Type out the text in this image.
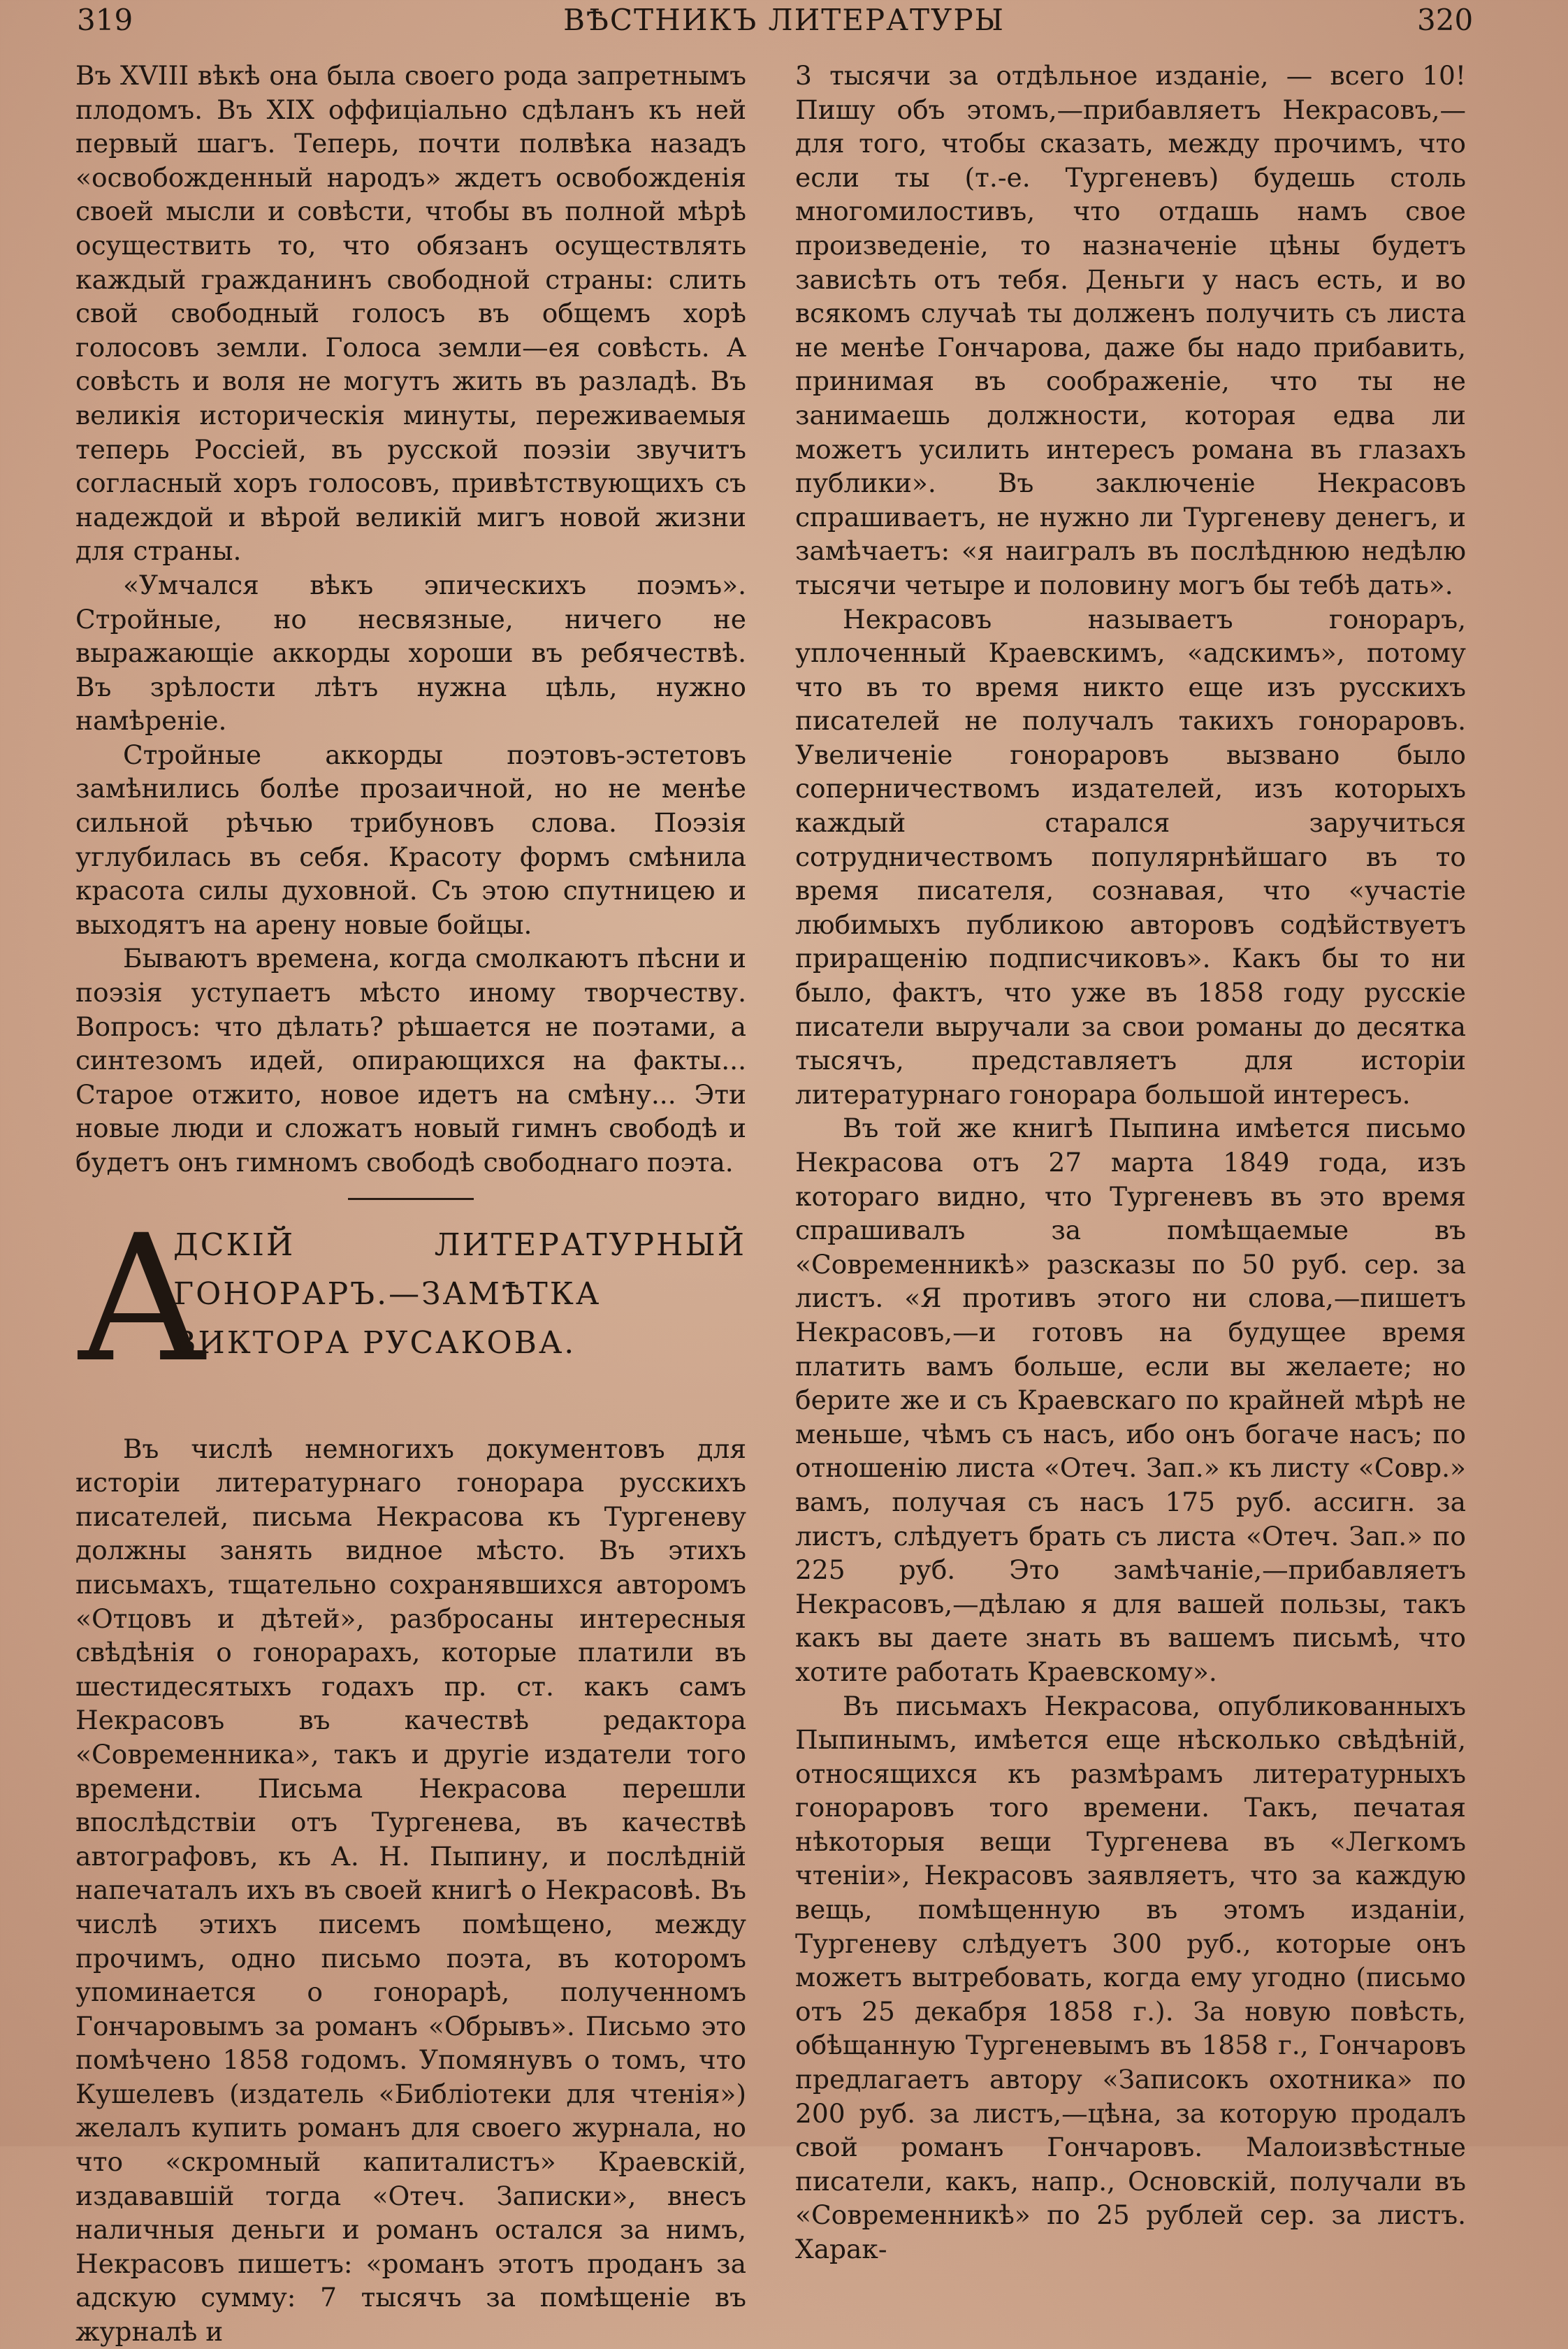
319	ВѢСТНИКЪ ЛИТЕРАТУРЫ	320

Въ XVIII вѣкѣ она была своего рода запретнымъ плодомъ. Въ XIX оффиціально сдѣланъ къ ней первый шагъ. Теперь, почти полвѣка назадъ «освобожденный народъ» ждетъ освобожденія своей мысли и совѣсти, чтобы въ полной мѣрѣ осуществить то, что обязанъ осуществлять каждый гражданинъ свободной страны: слить свой свободный голосъ въ общемъ хорѣ голосовъ земли. Голоса земли—ея совѣсть. А совѣсть и воля не могутъ жить въ разладѣ. Въ великія историческія минуты, переживаемыя теперь Россіей, въ русской поэзіи звучитъ согласный хоръ голосовъ, привѣтствующихъ съ надеждой и вѣрой великій мигъ новой жизни для страны.

«Умчался вѣкъ эпическихъ поэмъ». Стройные, но несвязные, ничего не выражающіе аккорды хороши въ ребячествѣ. Въ зрѣлости лѣтъ нужна цѣль, нужно намѣреніе.

Стройные аккорды поэтовъ-эстетовъ замѣнились болѣе прозаичной, но не менѣе сильной рѣчью трибуновъ слова. Поэзія углубилась въ себя. Красоту формъ смѣнила красота силы духовной. Съ этою спутницею и выходятъ на арену новые бойцы.

Бываютъ времена, когда смолкаютъ пѣсни и поэзія уступаетъ мѣсто иному творчеству. Вопросъ: что дѣлать? рѣшается не поэтами, а синтезомъ идей, опирающихся на факты... Старое отжито, новое идетъ на смѣну... Эти новые люди и сложатъ новый гимнъ свободѣ и будетъ онъ гимномъ свободѣ свободнаго поэта.

А
ДСКІЙ ЛИТЕРАТУРНЫЙ ГОНОРАРЪ.—ЗАМѢТКА ВИКТОРА РУСАКОВА.

Въ числѣ немногихъ документовъ для исторіи литературнаго гонорара русскихъ писателей, письма Некрасова къ Тургеневу должны занять видное мѣсто. Въ этихъ письмахъ, тщательно сохранявшихся авторомъ «Отцовъ и дѣтей», разбросаны интересныя свѣдѣнія о гонорарахъ, которые платили въ шестидесятыхъ годахъ пр. ст. какъ самъ Некрасовъ въ качествѣ редактора «Современника», такъ и другіе издатели того времени. Письма Некрасова перешли впослѣдствіи отъ Тургенева, въ качествѣ автографовъ, къ А. Н. Пыпину, и послѣдній напечаталъ ихъ въ своей книгѣ о Некрасовѣ. Въ числѣ этихъ писемъ помѣщено, между прочимъ, одно письмо поэта, въ которомъ упоминается о гонорарѣ, полученномъ Гончаровымъ за романъ «Обрывъ». Письмо это помѣчено 1858 годомъ. Упомянувъ о томъ, что Кушелевъ (издатель «Библіотеки для чтенія») желалъ купить романъ для своего журнала, но что «скромный капиталистъ» Краевскій, издававшій тогда «Отеч. Записки», внесъ наличныя деньги и романъ остался за нимъ, Некрасовъ пишетъ: «романъ этотъ проданъ за адскую сумму: 7 тысячъ за помѣщеніе въ журналѣ и

3 тысячи за отдѣльное изданіе, — всего 10! Пишу объ этомъ,—прибавляетъ Некрасовъ,—для того, чтобы сказать, между прочимъ, что если ты (т.-е. Тургеневъ) будешь столь многомилостивъ, что отдашь намъ свое произведеніе, то назначеніе цѣны будетъ зависѣть отъ тебя. Деньги у насъ есть, и во всякомъ случаѣ ты долженъ получить съ листа не менѣе Гончарова, даже бы надо прибавить, принимая въ соображеніе, что ты не занимаешь должности, которая едва ли можетъ усилить интересъ романа въ глазахъ публики». Въ заключеніе Некрасовъ спрашиваетъ, не нужно ли Тургеневу денегъ, и замѣчаетъ: «я наигралъ въ послѣднюю недѣлю тысячи четыре и половину могъ бы тебѣ дать».

Некрасовъ называетъ гонораръ, уплоченный Краевскимъ, «адскимъ», потому что въ то время никто еще изъ русскихъ писателей не получалъ такихъ гонораровъ. Увеличеніе гонораровъ вызвано было соперничествомъ издателей, изъ которыхъ каждый старался заручиться сотрудничествомъ популярнѣйшаго въ то время писателя, сознавая, что «участіе любимыхъ публикою авторовъ содѣйствуетъ приращенію подписчиковъ». Какъ бы то ни было, фактъ, что уже въ 1858 году русскіе писатели выручали за свои романы до десятка тысячъ, представляетъ для исторіи литературнаго гонорара большой интересъ.

Въ той же книгѣ Пыпина имѣется письмо Некрасова отъ 27 марта 1849 года, изъ котораго видно, что Тургеневъ въ это время спрашивалъ за помѣщаемые въ «Современникѣ» разсказы по 50 руб. сер. за листъ. «Я противъ этого ни слова,—пишетъ Некрасовъ,—и готовъ на будущее время платить вамъ больше, если вы желаете; но берите же и съ Краевскаго по крайней мѣрѣ не меньше, чѣмъ съ насъ, ибо онъ богаче насъ; по отношенію листа «Отеч. Зап.» къ листу «Совр.» вамъ, получая съ насъ 175 руб. ассигн. за листъ, слѣдуетъ брать съ листа «Отеч. Зап.» по 225 руб. Это замѣчаніе,—прибавляетъ Некрасовъ,—дѣлаю я для вашей пользы, такъ какъ вы даете знать въ вашемъ письмѣ, что хотите работать Краевскому».

Въ письмахъ Некрасова, опубликованныхъ Пыпинымъ, имѣется еще нѣсколько свѣдѣній, относящихся къ размѣрамъ литературныхъ гонораровъ того времени. Такъ, печатая нѣкоторыя вещи Тургенева въ «Легкомъ чтеніи», Некрасовъ заявляетъ, что за каждую вещь, помѣщенную въ этомъ изданіи, Тургеневу слѣдуетъ 300 руб., которые онъ можетъ вытребовать, когда ему угодно (письмо отъ 25 декабря 1858 г.). За новую повѣсть, обѣщанную Тургеневымъ въ 1858 г., Гончаровъ предлагаетъ автору «Записокъ охотника» по 200 руб. за листъ,—цѣна, за которую продалъ свой романъ Гончаровъ. Малоизвѣстные писатели, какъ, напр., Основскій, получали въ «Современникѣ» по 25 рублей сер. за листъ. Харак-
